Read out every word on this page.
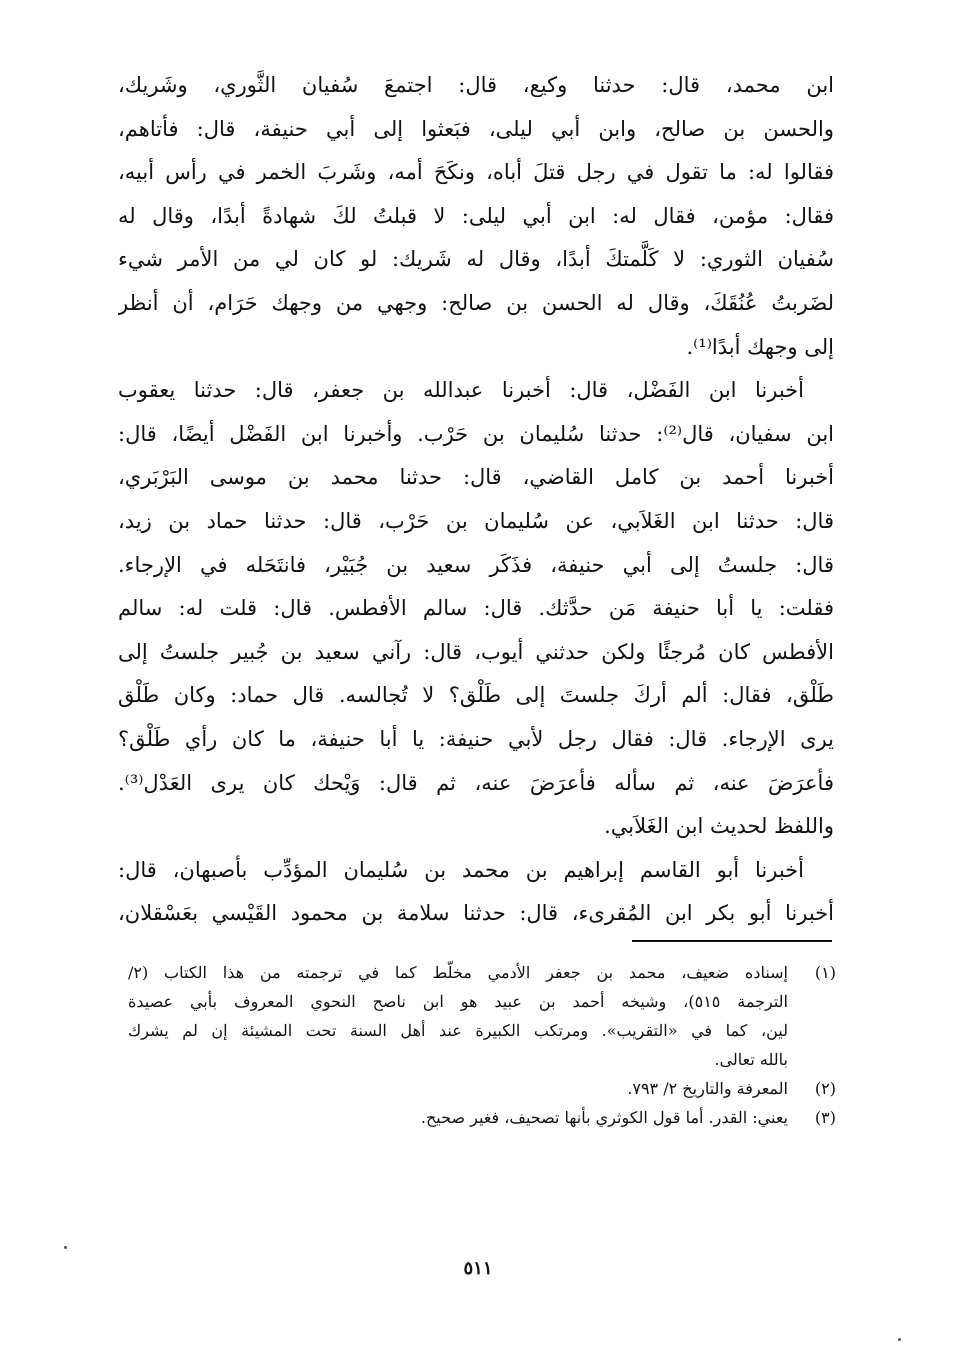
ابن محمد، قال: حدثنا وكيع، قال: اجتمعَ سُفيان الثَّوري، وشَريك،
والحسن بن صالح، وابن أبي ليلى، فبَعثوا إلى أبي حنيفة، قال: فأتاهم،
فقالوا له: ما تقول في رجل قتلَ أباه، ونكَحَ أمه، وشَربَ الخمر في رأس أبيه،
فقال: مؤمن، فقال له: ابن أبي ليلى: لا قبلتُ لكَ شهادةً أبدًا، وقال له
سُفيان الثوري: لا كَلَّمتكَ أبدًا، وقال له شَريك: لو كان لي من الأمر شيء
لضَربتُ عُنُقَكَ، وقال له الحسن بن صالح: وجهي من وجهك حَرَام، أن أنظر
إلى وجهك أبدًا⁽¹⁾.
أخبرنا ابن الفَضْل، قال: أخبرنا عبدالله بن جعفر، قال: حدثنا يعقوب
ابن سفيان، قال⁽²⁾: حدثنا سُليمان بن حَرْب. وأخبرنا ابن الفَضْل أيضًا، قال:
أخبرنا أحمد بن كامل القاضي، قال: حدثنا محمد بن موسى البَرْبَري،
قال: حدثنا ابن الغَلاَبي، عن سُليمان بن حَرْب، قال: حدثنا حماد بن زيد،
قال: جلستُ إلى أبي حنيفة، فذَكَر سعيد بن جُبَيْر، فانتَحَله في الإرجاء.
فقلت: يا أبا حنيفة مَن حدَّثك. قال: سالم الأفطس. قال: قلت له: سالم
الأفطس كان مُرجئًا ولكن حدثني أيوب، قال: رآني سعيد بن جُبير جلستُ إلى
طَلْق، فقال: ألم أركَ جلستَ إلى طَلْق؟ لا تُجالسه. قال حماد: وكان طَلْق
يرى الإرجاء. قال: فقال رجل لأبي حنيفة: يا أبا حنيفة، ما كان رأي طَلْق؟
فأعرَضَ عنه، ثم سأله فأعرَضَ عنه، ثم قال: وَيْحك كان يرى العَدْل⁽³⁾.
واللفظ لحديث ابن الغَلاَبي.
أخبرنا أبو القاسم إبراهيم بن محمد بن سُليمان المؤدِّب بأصبهان، قال:
أخبرنا أبو بكر ابن المُقرىء، قال: حدثنا سلامة بن محمود القَيْسي بعَسْقلان،
(١)
إسناده ضعيف، محمد بن جعفر الأدمي مخلّط كما في ترجمته من هذا الكتاب (٢/
الترجمة ٥١٥)، وشيخه أحمد بن عبيد هو ابن ناصح النحوي المعروف بأبي عصيدة
لين، كما في «التقريب». ومرتكب الكبيرة عند أهل السنة تحت المشيئة إن لم يشرك
بالله تعالى.
(٢)
المعرفة والتاريخ ٢/ ٧٩٣.
(٣)
يعني: القدر. أما قول الكوثري بأنها تصحيف، فغير صحيح.
٥١١
